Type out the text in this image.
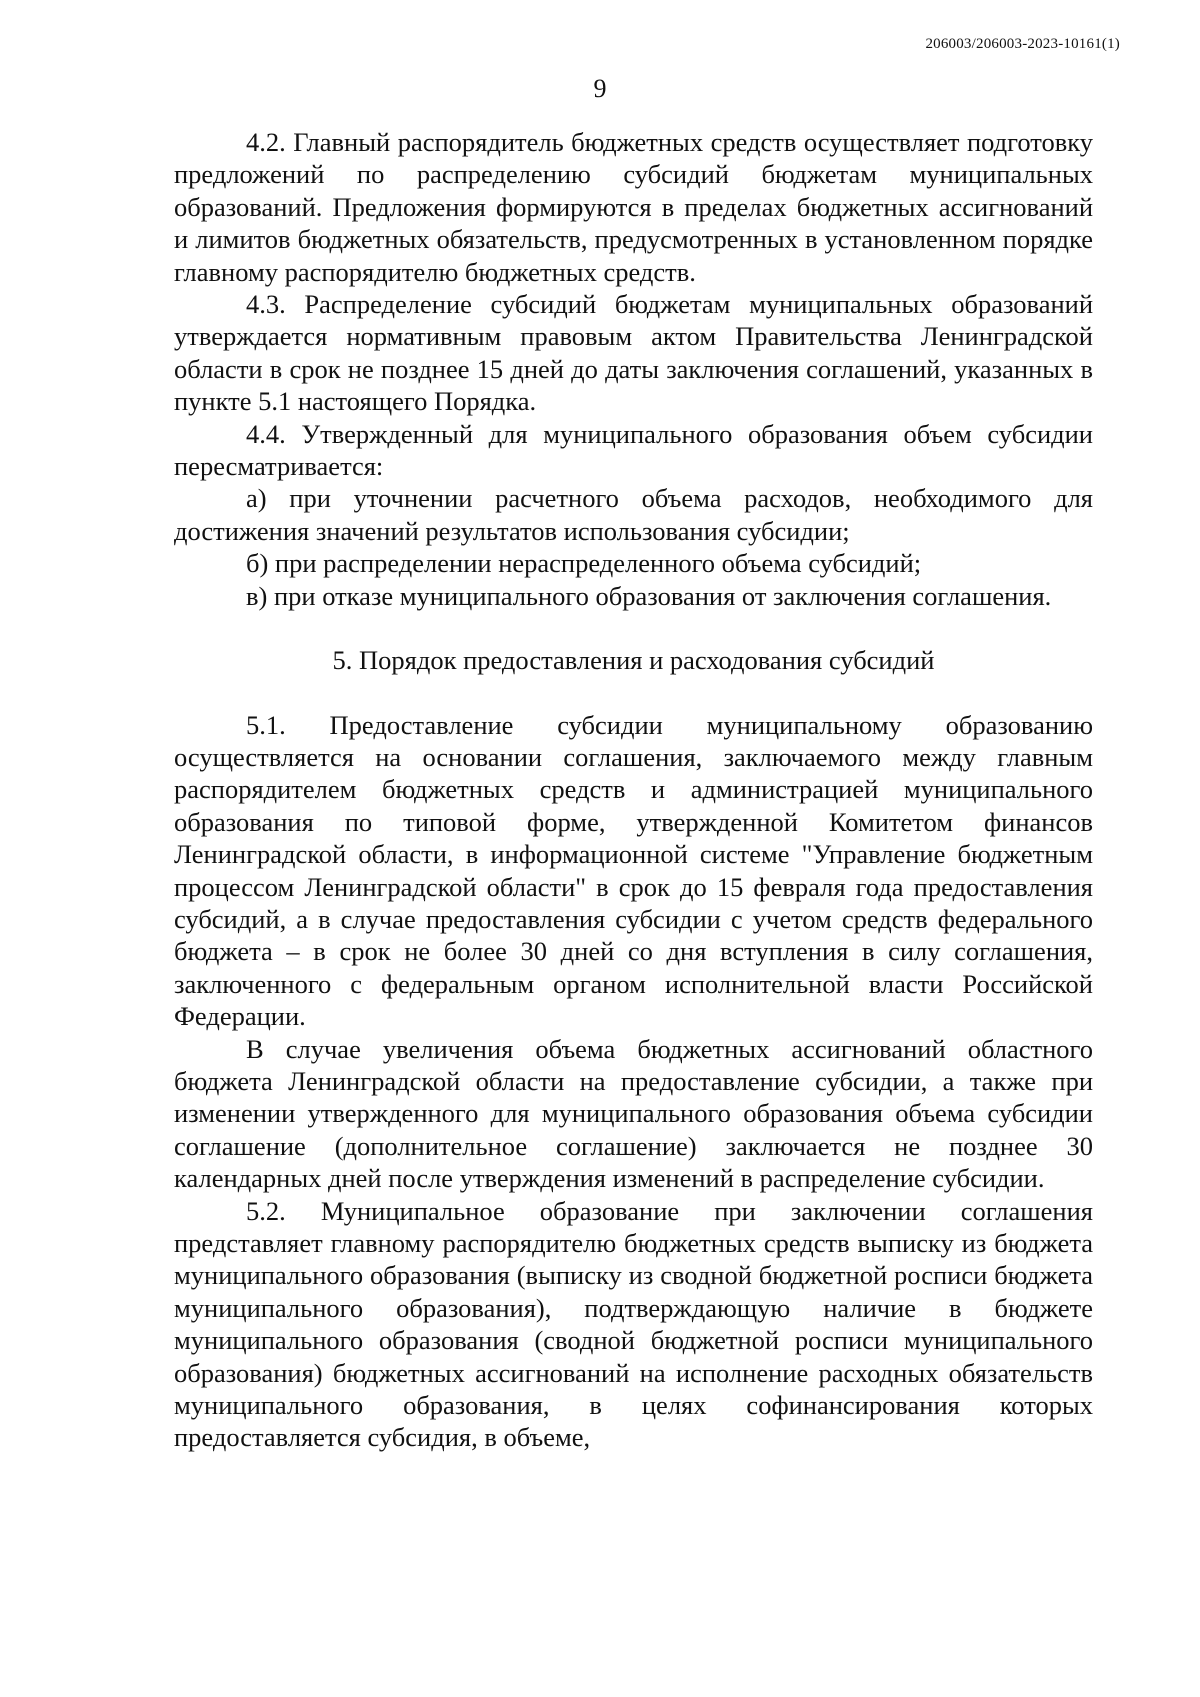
206003/206003-2023-10161(1)
9

4.2. Главный распорядитель бюджетных средств осуществляет подготовку предложений по распределению субсидий бюджетам муниципальных образований. Предложения формируются в пределах бюджетных ассигнований и лимитов бюджетных обязательств, предусмотренных в установленном порядке главному распорядителю бюджетных средств.

4.3. Распределение субсидий бюджетам муниципальных образований утверждается нормативным правовым актом Правительства Ленинградской области в срок не позднее 15 дней до даты заключения соглашений, указанных в пункте 5.1 настоящего Порядка.

4.4. Утвержденный для муниципального образования объем субсидии пересматривается:

а) при уточнении расчетного объема расходов, необходимого для достижения значений результатов использования субсидии;

б) при распределении нераспределенного объема субсидий;

в) при отказе муниципального образования от заключения соглашения.

5. Порядок предоставления и расходования субсидий

5.1. Предоставление субсидии муниципальному образованию осуществляется на основании соглашения, заключаемого между главным распорядителем бюджетных средств и администрацией муниципального образования по типовой форме, утвержденной Комитетом финансов Ленинградской области, в информационной системе "Управление бюджетным процессом Ленинградской области" в срок до 15 февраля года предоставления субсидий, а в случае предоставления субсидии с учетом средств федерального бюджета – в срок не более 30 дней со дня вступления в силу соглашения, заключенного с федеральным органом исполнительной власти Российской Федерации.

В случае увеличения объема бюджетных ассигнований областного бюджета Ленинградской области на предоставление субсидии, а также при изменении утвержденного для муниципального образования объема субсидии соглашение (дополнительное соглашение) заключается не позднее 30 календарных дней после утверждения изменений в распределение субсидии.

5.2. Муниципальное образование при заключении соглашения представляет главному распорядителю бюджетных средств выписку из бюджета муниципального образования (выписку из сводной бюджетной росписи бюджета муниципального образования), подтверждающую наличие в бюджете муниципального образования (сводной бюджетной росписи муниципального образования) бюджетных ассигнований на исполнение расходных обязательств муниципального образования, в целях софинансирования которых предоставляется субсидия, в объеме,
